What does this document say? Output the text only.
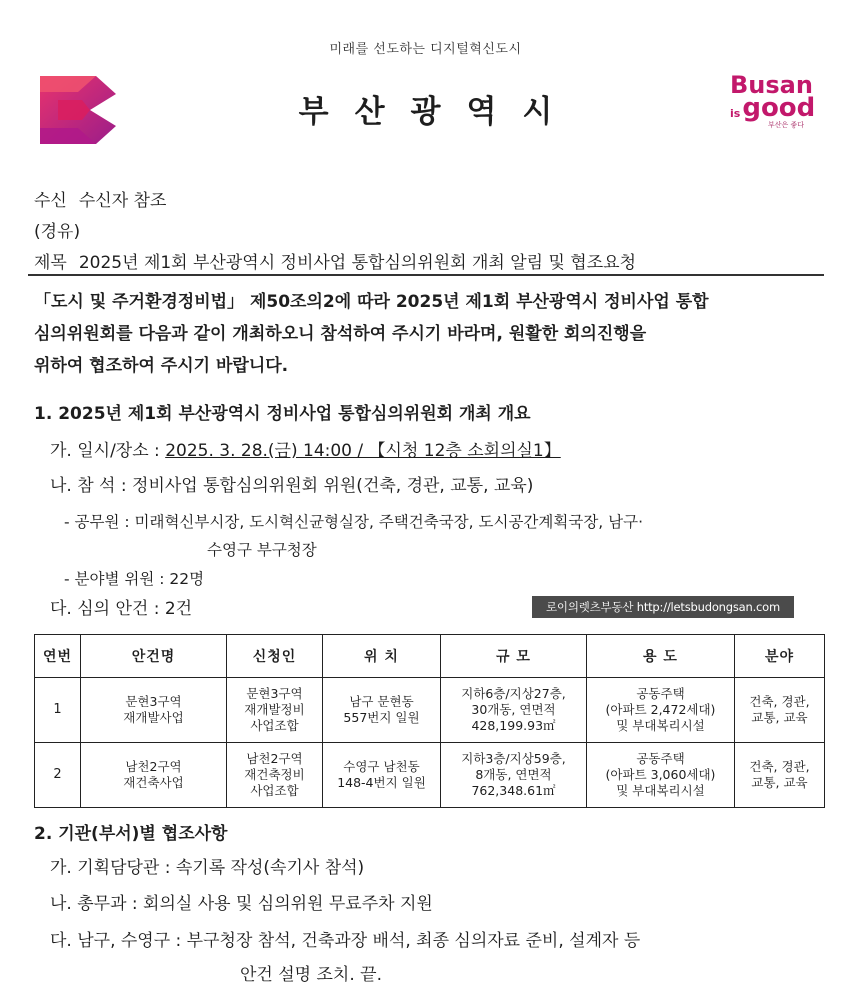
미래를 선도하는 디지털혁신도시
부산광역시
Busan
is good
부산은 좋다
수신 수신자 참조
(경유)
제목 2025년 제1회 부산광역시 정비사업 통합심의위원회 개최 알림 및 협조요청
「도시 및 주거환경정비법」 제50조의2에 따라 2025년 제1회 부산광역시 정비사업 통합
심의위원회를 다음과 같이 개최하오니 참석하여 주시기 바라며, 원활한 회의진행을
위하여 협조하여 주시기 바랍니다.
1. 2025년 제1회 부산광역시 정비사업 통합심의위원회 개최 개요
가. 일시/장소 : 2025. 3. 28.(금) 14:00 / 【시청 12층 소회의실1】
나. 참 석 : 정비사업 통합심의위원회 위원(건축, 경관, 교통, 교육)
- 공무원 : 미래혁신부시장, 도시혁신균형실장, 주택건축국장, 도시공간계획국장, 남구·
수영구 부구청장
- 분야별 위원 : 22명
다. 심의 안건 : 2건	로이의렛츠부동산 http://letsbudongsan.com
연번	안건명	신청인	위 치	규 모	용 도	분야
1	문현3구역
재개발사업	문현3구역
재개발정비
사업조합	남구 문현동
557번지 일원	지하6층/지상27층,
30개동, 연면적
428,199.93㎡	공동주택
(아파트 2,472세대)
및 부대복리시설	건축, 경관,
교통, 교육
2	남천2구역
재건축사업	남천2구역
재건축정비
사업조합	수영구 남천동
148-4번지 일원	지하3층/지상59층,
8개동, 연면적
762,348.61㎡	공동주택
(아파트 3,060세대)
및 부대복리시설	건축, 경관,
교통, 교육
2. 기관(부서)별 협조사항
가. 기획담당관 : 속기록 작성(속기사 참석)
나. 총무과 : 회의실 사용 및 심의위원 무료주차 지원
다. 남구, 수영구 : 부구청장 참석, 건축과장 배석, 최종 심의자료 준비, 설계자 등
안건 설명 조치. 끝.
